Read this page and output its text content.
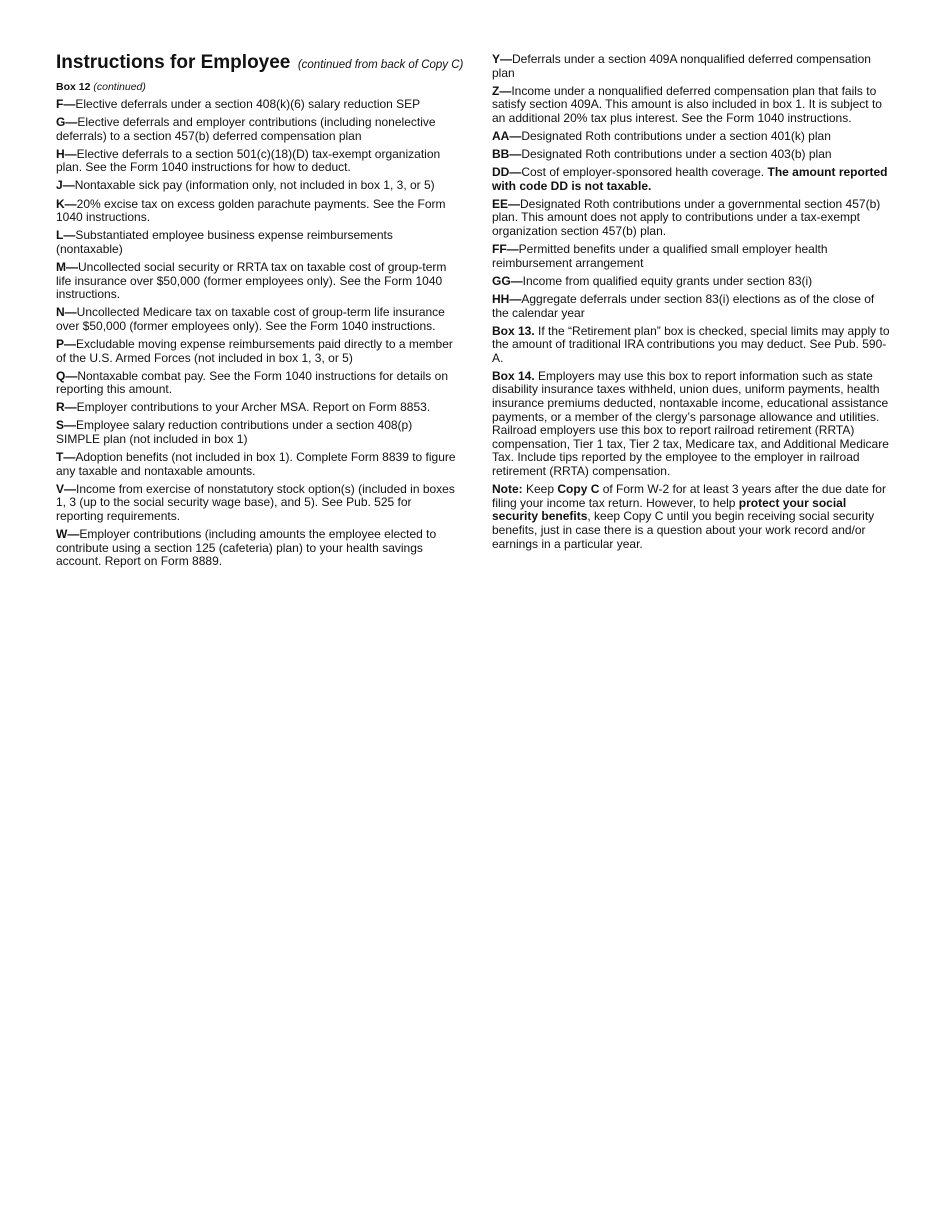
Instructions for Employee (continued from back of Copy C)
Box 12 (continued)
F—Elective deferrals under a section 408(k)(6) salary reduction SEP
G—Elective deferrals and employer contributions (including nonelective deferrals) to a section 457(b) deferred compensation plan
H—Elective deferrals to a section 501(c)(18)(D) tax-exempt organization plan. See the Form 1040 instructions for how to deduct.
J—Nontaxable sick pay (information only, not included in box 1, 3, or 5)
K—20% excise tax on excess golden parachute payments. See the Form 1040 instructions.
L—Substantiated employee business expense reimbursements (nontaxable)
M—Uncollected social security or RRTA tax on taxable cost of group-term life insurance over $50,000 (former employees only). See the Form 1040 instructions.
N—Uncollected Medicare tax on taxable cost of group-term life insurance over $50,000 (former employees only). See the Form 1040 instructions.
P—Excludable moving expense reimbursements paid directly to a member of the U.S. Armed Forces (not included in box 1, 3, or 5)
Q—Nontaxable combat pay. See the Form 1040 instructions for details on reporting this amount.
R—Employer contributions to your Archer MSA. Report on Form 8853.
S—Employee salary reduction contributions under a section 408(p) SIMPLE plan (not included in box 1)
T—Adoption benefits (not included in box 1). Complete Form 8839 to figure any taxable and nontaxable amounts.
V—Income from exercise of nonstatutory stock option(s) (included in boxes 1, 3 (up to the social security wage base), and 5). See Pub. 525 for reporting requirements.
W—Employer contributions (including amounts the employee elected to contribute using a section 125 (cafeteria) plan) to your health savings account. Report on Form 8889.
Y—Deferrals under a section 409A nonqualified deferred compensation plan
Z—Income under a nonqualified deferred compensation plan that fails to satisfy section 409A. This amount is also included in box 1. It is subject to an additional 20% tax plus interest. See the Form 1040 instructions.
AA—Designated Roth contributions under a section 401(k) plan
BB—Designated Roth contributions under a section 403(b) plan
DD—Cost of employer-sponsored health coverage. The amount reported with code DD is not taxable.
EE—Designated Roth contributions under a governmental section 457(b) plan. This amount does not apply to contributions under a tax-exempt organization section 457(b) plan.
FF—Permitted benefits under a qualified small employer health reimbursement arrangement
GG—Income from qualified equity grants under section 83(i)
HH—Aggregate deferrals under section 83(i) elections as of the close of the calendar year
Box 13. If the “Retirement plan” box is checked, special limits may apply to the amount of traditional IRA contributions you may deduct. See Pub. 590-A.
Box 14. Employers may use this box to report information such as state disability insurance taxes withheld, union dues, uniform payments, health insurance premiums deducted, nontaxable income, educational assistance payments, or a member of the clergy’s parsonage allowance and utilities. Railroad employers use this box to report railroad retirement (RRTA) compensation, Tier 1 tax, Tier 2 tax, Medicare tax, and Additional Medicare Tax. Include tips reported by the employee to the employer in railroad retirement (RRTA) compensation.
Note: Keep Copy C of Form W-2 for at least 3 years after the due date for filing your income tax return. However, to help protect your social security benefits, keep Copy C until you begin receiving social security benefits, just in case there is a question about your work record and/or earnings in a particular year.
